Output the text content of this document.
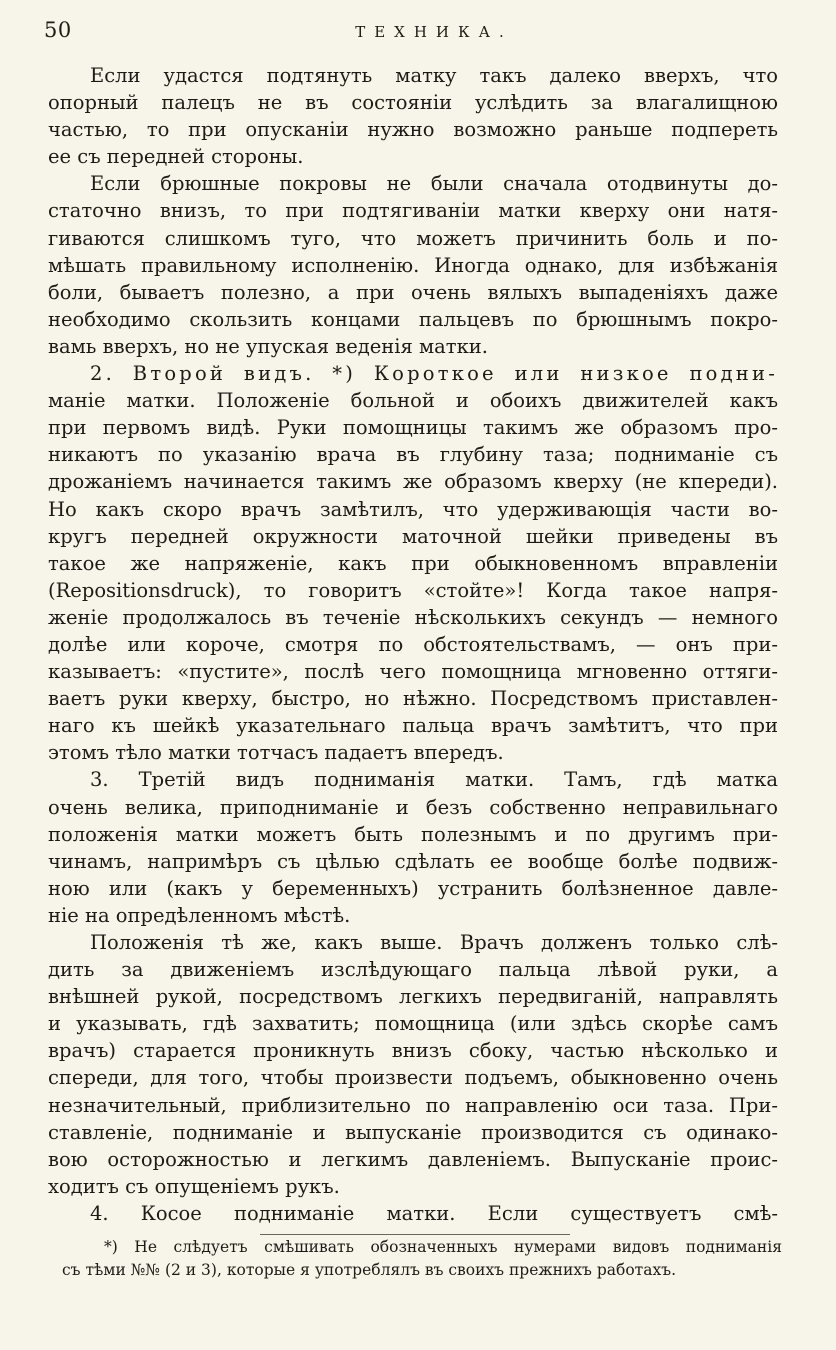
50	ТЕХНИКА.
Если удастся подтянуть матку такъ далеко вверхъ, что
опорный палецъ не въ состоянiи услѣдить за влагалищною
частью, то при опусканiи нужно возможно раньше подпереть
ее съ передней стороны.
Если брюшные покровы не были сначала отодвинуты до-
статочно внизъ, то при подтягиванiи матки кверху они натя-
гиваются слишкомъ туго, что можетъ причинить боль и по-
мѣшать правильному исполненiю. Иногда однако, для избѣжанiя
боли, бываетъ полезно, а при очень вялыхъ выпаденiяхъ даже
необходимо скользить концами пальцевъ по брюшнымъ покро-
вамь вверхъ, но не упуская веденiя матки.
2. Второй видъ. *) Короткое или низкое подни-
манiе матки. Положенiе больной и обоихъ движителей какъ
при первомъ видѣ. Руки помощницы такимъ же образомъ про-
никаютъ по указанiю врача въ глубину таза; подниманiе съ
дрожанiемъ начинается такимъ же образомъ кверху (не кпереди).
Но какъ скоро врачъ замѣтилъ, что удерживающiя части во-
кругъ передней окружности маточной шейки приведены въ
такое же напряженiе, какъ при обыкновенномъ вправленiи
(Repositionsdruck), то говоритъ «стойте»! Когда такое напря-
женiе продолжалось въ теченiе нѣсколькихъ секундъ — немного
долѣе или короче, смотря по обстоятельствамъ, — онъ при-
казываетъ: «пустите», послѣ чего помощница мгновенно оттяги-
ваетъ руки кверху, быстро, но нѣжно. Посредствомъ приставлен-
наго къ шейкѣ указательнаго пальца врачъ замѣтитъ, что при
этомъ тѣло матки тотчасъ падаетъ впередъ.
3. Третiй видъ подниманiя матки. Тамъ, гдѣ матка
очень велика, приподниманiе и безъ собственно неправильнаго
положенiя матки можетъ быть полезнымъ и по другимъ при-
чинамъ, напримѣръ съ цѣлью сдѣлать ее вообще болѣе подвиж-
ною или (какъ у беременныхъ) устранить болѣзненное давле-
нiе на опредѣленномъ мѣстѣ.
Положенiя тѣ же, какъ выше. Врачъ долженъ только слѣ-
дить за движенiемъ изслѣдующаго пальца лѣвой руки, а
внѣшней рукой, посредствомъ легкихъ передвиганiй, направлять
и указывать, гдѣ захватить; помощница (или здѣсь скорѣе самъ
врачъ) старается проникнуть внизъ сбоку, частью нѣсколько и
спереди, для того, чтобы произвести подъемъ, обыкновенно очень
незначительный, приблизительно по направленiю оси таза. При-
ставленiе, подниманiе и выпусканiе производится съ одинако-
вою осторожностью и легкимъ давленiемъ. Выпусканiе проис-
ходитъ съ опущенiемъ рукъ.
4. Косое подниманiе матки. Если существуетъ смѣ-
*) Не слѣдуетъ смѣшивать обозначенныхъ нумерами видовъ подниманiя
съ тѣми №№ (2 и 3), которые я употреблялъ въ своихъ прежнихъ работахъ.
